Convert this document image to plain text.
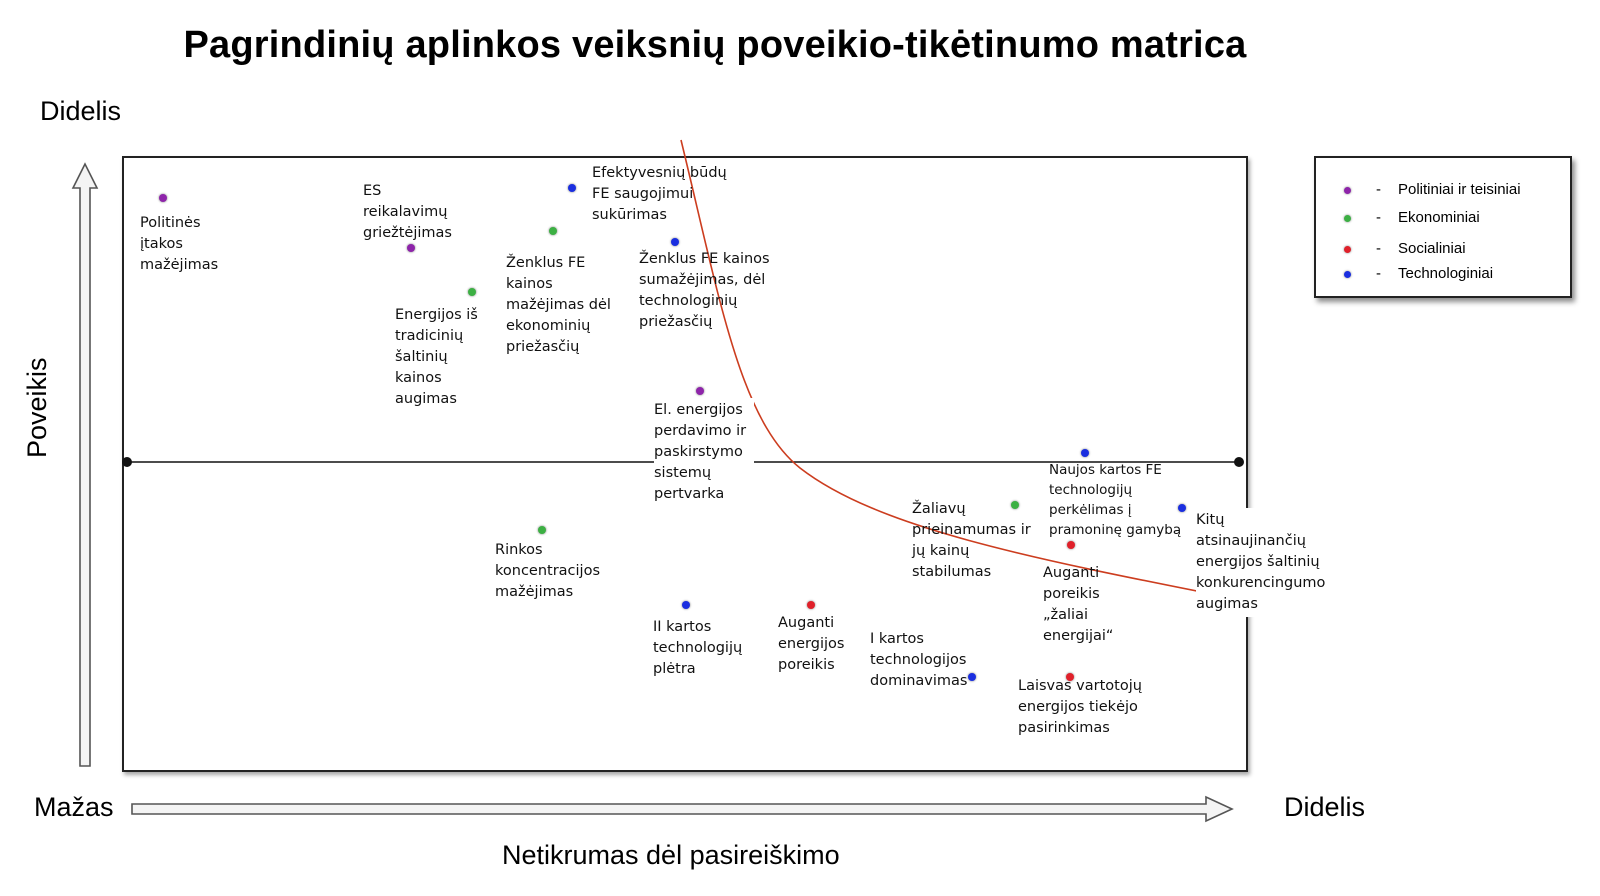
Pagrindinių aplinkos veiksnių poveikio-tikėtinumo matrica
Didelis
Poveikis
Politinės
įtakos
mažėjimas
ES
reikalavimų
griežtėjimas
Energijos iš
tradicinių
šaltinių
kainos
augimas
Ženklus FE
kainos
mažėjimas dėl
ekonominių
priežasčių
Efektyvesnių būdų
FE saugojimui
sukūrimas
Ženklus FE kainos
sumažėjimas, dėl
technologinių
priežasčių
El. energijos
perdavimo ir
paskirstymo
sistemų
pertvarka
Rinkos
koncentracijos
mažėjimas
II kartos
technologijų
plėtra
Auganti
energijos
poreikis
I kartos
technologijos
dominavimas
Žaliavų
prieinamumas ir
jų kainų
stabilumas
Naujos kartos FE
technologijų
perkėlimas į
pramoninę gamybą
Kitų
atsinaujinančių
energijos šaltinių
konkurencingumo
augimas
Auganti
poreikis
„žaliai
energijai“
Laisvas vartotojų
energijos tiekėjo
pasirinkimas
- Politiniai ir teisiniai
- Ekonominiai
- Socialiniai
- Technologiniai
Mažas	Didelis
Netikrumas dėl pasireiškimo
